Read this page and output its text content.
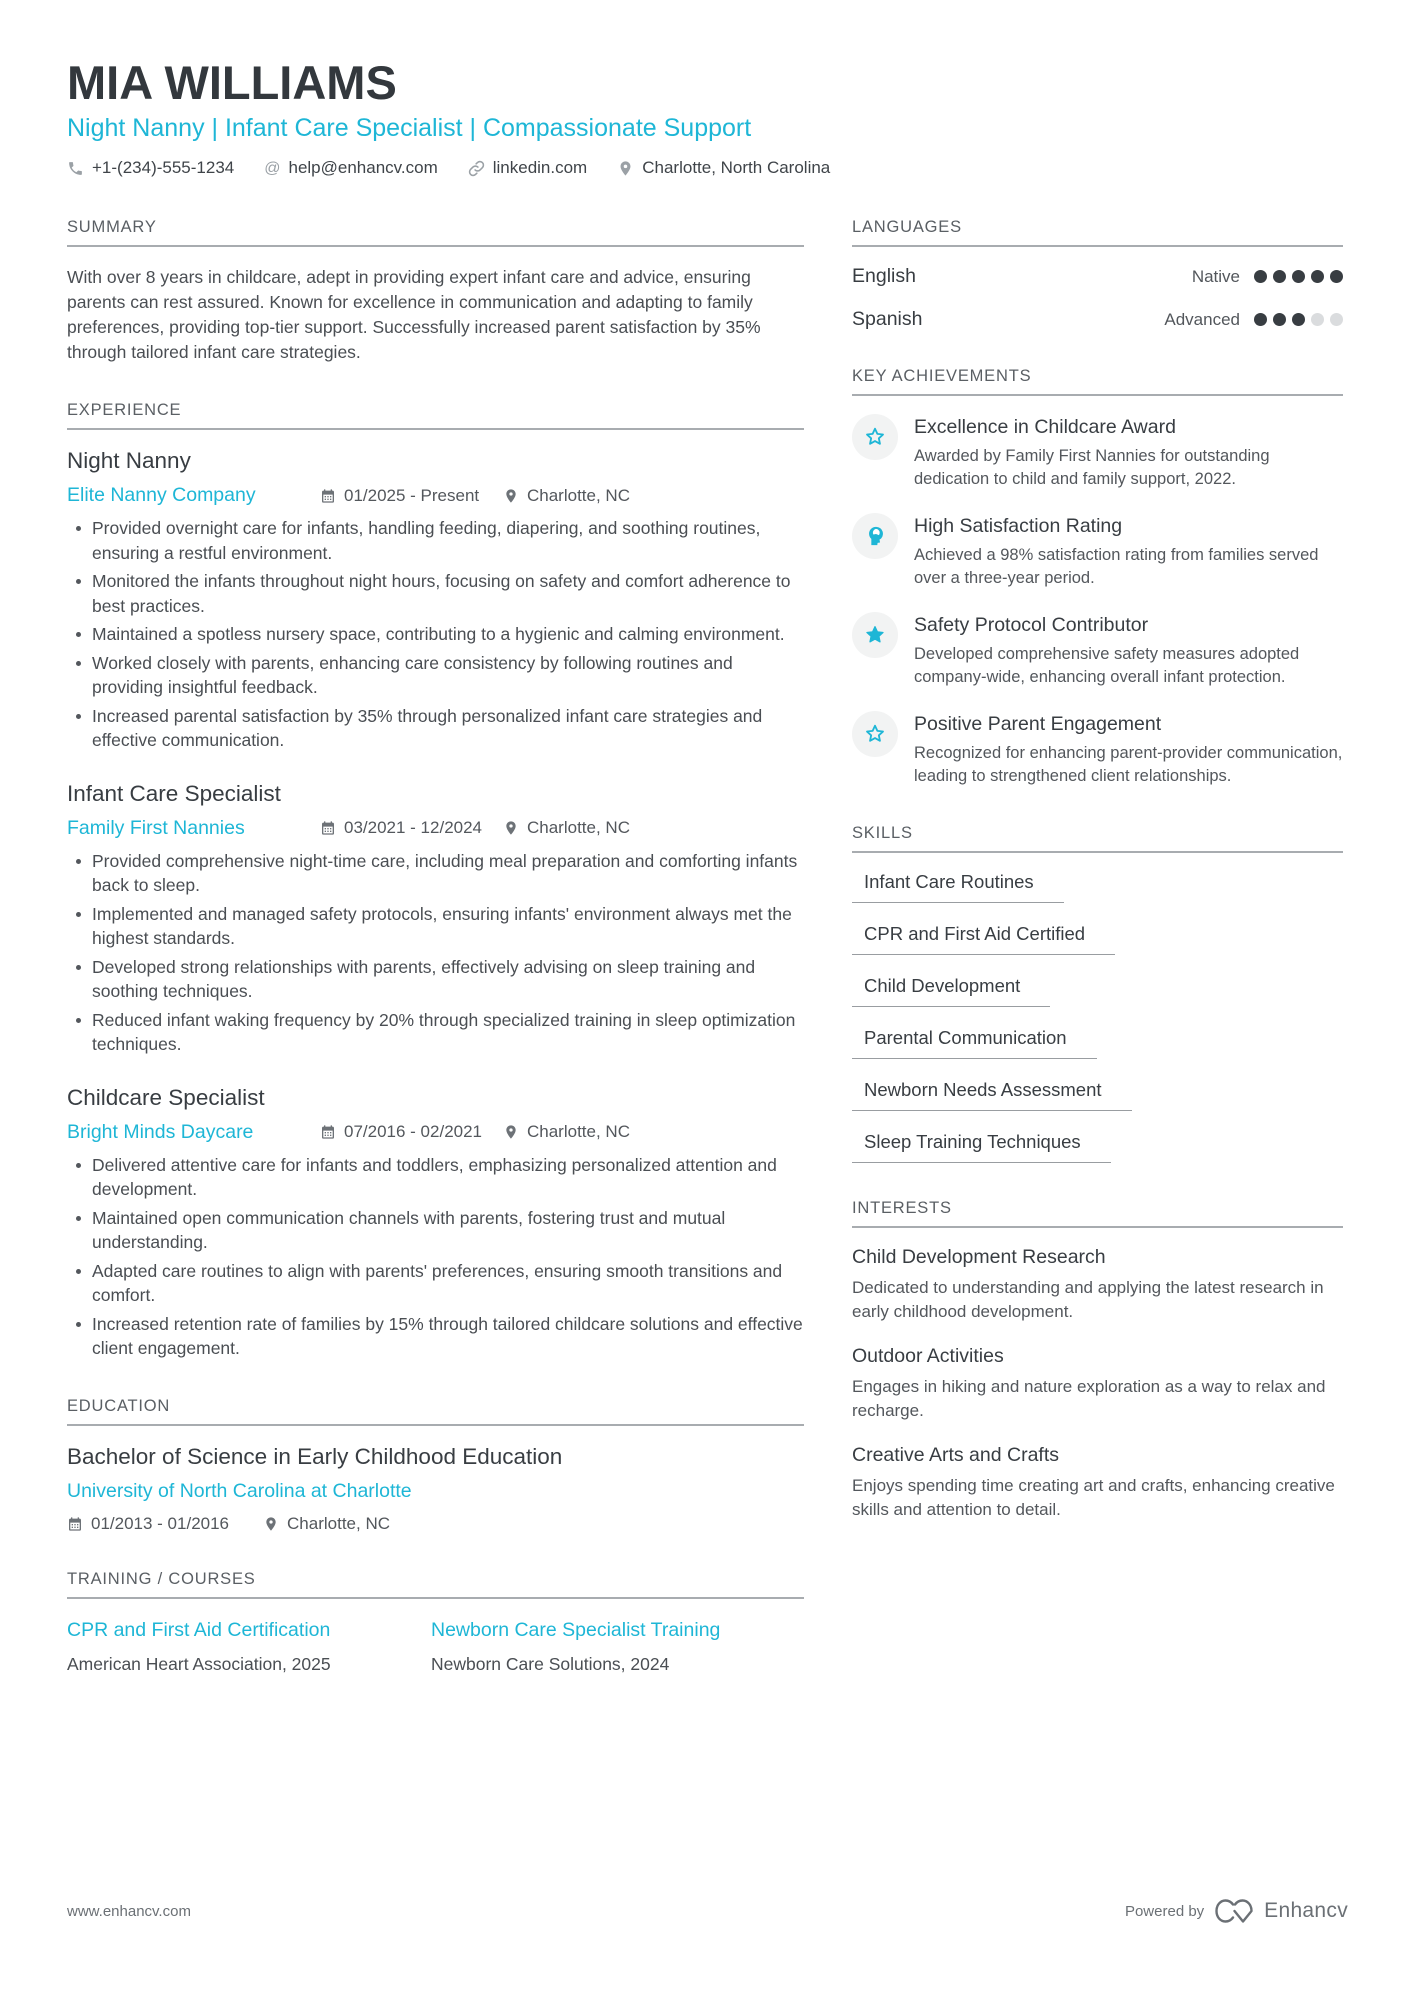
MIA WILLIAMS
Night Nanny | Infant Care Specialist | Compassionate Support
+1-(234)-555-1234 @ help@enhancv.com	linkedin.com	Charlotte, North Carolina
SUMMARY

With over 8 years in childcare, adept in providing expert infant care and advice, ensuring parents can rest assured. Known for excellence in communication and adapting to family preferences, providing top-tier support. Successfully increased parent satisfaction by 35% through tailored infant care strategies.

EXPERIENCE
Night Nanny
Elite Nanny Company	01/2025 - Present	Charlotte, NC
Provided overnight care for infants, handling feeding, diapering, and soothing routines, ensuring a restful environment.
Monitored the infants throughout night hours, focusing on safety and comfort adherence to best practices.
Maintained a spotless nursery space, contributing to a hygienic and calming environment.
Worked closely with parents, enhancing care consistency by following routines and providing insightful feedback.
Increased parental satisfaction by 35% through personalized infant care strategies and effective communication.
Infant Care Specialist
Family First Nannies	03/2021 - 12/2024	Charlotte, NC
Provided comprehensive night-time care, including meal preparation and comforting infants back to sleep.
Implemented and managed safety protocols, ensuring infants' environment always met the highest standards.
Developed strong relationships with parents, effectively advising on sleep training and soothing techniques.
Reduced infant waking frequency by 20% through specialized training in sleep optimization techniques.
Childcare Specialist
Bright Minds Daycare	07/2016 - 02/2021	Charlotte, NC
Delivered attentive care for infants and toddlers, emphasizing personalized attention and development.
Maintained open communication channels with parents, fostering trust and mutual understanding.
Adapted care routines to align with parents' preferences, ensuring smooth transitions and comfort.
Increased retention rate of families by 15% through tailored childcare solutions and effective client engagement.
EDUCATION
Bachelor of Science in Early Childhood Education
University of North Carolina at Charlotte
01/2013 - 01/2016	Charlotte, NC
TRAINING / COURSES
CPR and First Aid Certification
American Heart Association, 2025
Newborn Care Specialist Training
Newborn Care Solutions, 2024
LANGUAGES
English	Native
Spanish	Advanced
KEY ACHIEVEMENTS
Excellence in Childcare Award
Awarded by Family First Nannies for outstanding dedication to child and family support, 2022.
High Satisfaction Rating
Achieved a 98% satisfaction rating from families served over a three-year period.
Safety Protocol Contributor
Developed comprehensive safety measures adopted company-wide, enhancing overall infant protection.
Positive Parent Engagement
Recognized for enhancing parent-provider communication, leading to strengthened client relationships.
SKILLS
Infant Care Routines
CPR and First Aid Certified
Child Development
Parental Communication
Newborn Needs Assessment
Sleep Training Techniques
INTERESTS
Child Development Research
Dedicated to understanding and applying the latest research in early childhood development.
Outdoor Activities
Engages in hiking and nature exploration as a way to relax and recharge.
Creative Arts and Crafts
Enjoys spending time creating art and crafts, enhancing creative skills and attention to detail.
www.enhancv.com	Powered by	Enhancv
